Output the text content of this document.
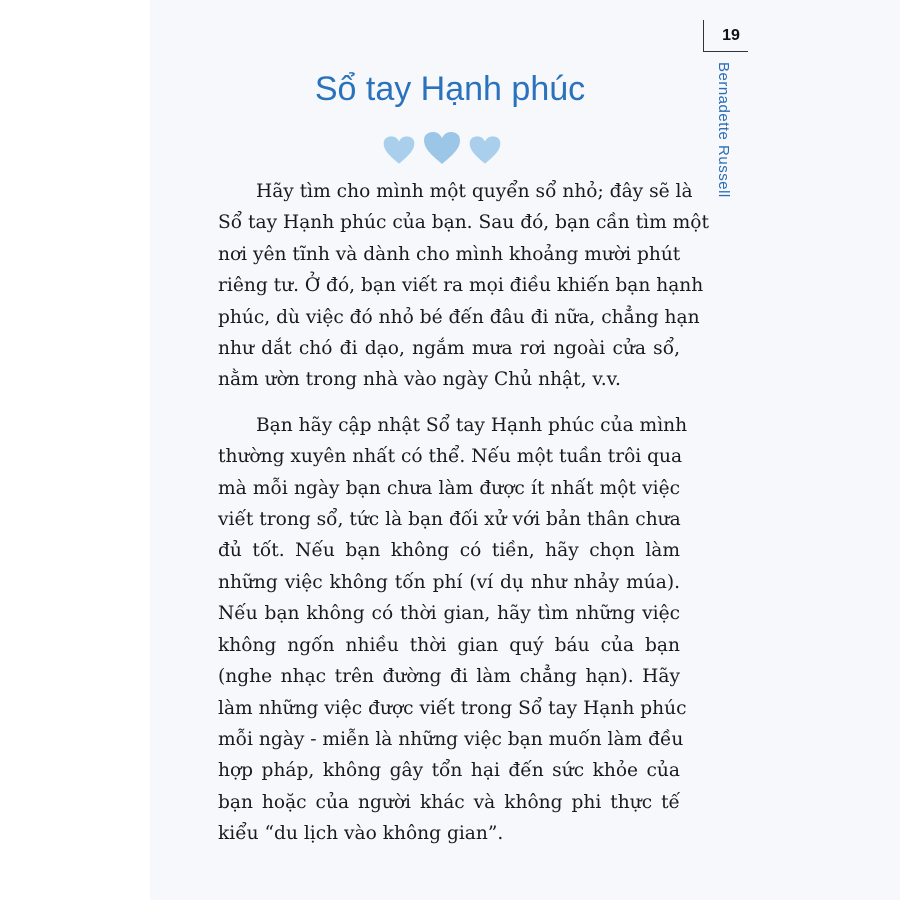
19
Bernadette Russell
Sổ tay Hạnh phúc
Hãy tìm cho mình một quyển sổ nhỏ; đây sẽ là
Sổ tay Hạnh phúc của bạn. Sau đó, bạn cần tìm một
nơi yên tĩnh và dành cho mình khoảng mười phút
riêng tư. Ở đó, bạn viết ra mọi điều khiến bạn hạnh
phúc, dù việc đó nhỏ bé đến đâu đi nữa, chẳng hạn
như dắt chó đi dạo, ngắm mưa rơi ngoài cửa sổ,
nằm ườn trong nhà vào ngày Chủ nhật, v.v.
Bạn hãy cập nhật Sổ tay Hạnh phúc của mình
thường xuyên nhất có thể. Nếu một tuần trôi qua
mà mỗi ngày bạn chưa làm được ít nhất một việc
viết trong sổ, tức là bạn đối xử với bản thân chưa
đủ tốt. Nếu bạn không có tiền, hãy chọn làm
những việc không tốn phí (ví dụ như nhảy múa).
Nếu bạn không có thời gian, hãy tìm những việc
không ngốn nhiều thời gian quý báu của bạn
(nghe nhạc trên đường đi làm chẳng hạn). Hãy
làm những việc được viết trong Sổ tay Hạnh phúc
mỗi ngày - miễn là những việc bạn muốn làm đều
hợp pháp, không gây tổn hại đến sức khỏe của
bạn hoặc của người khác và không phi thực tế
kiểu “du lịch vào không gian”.
